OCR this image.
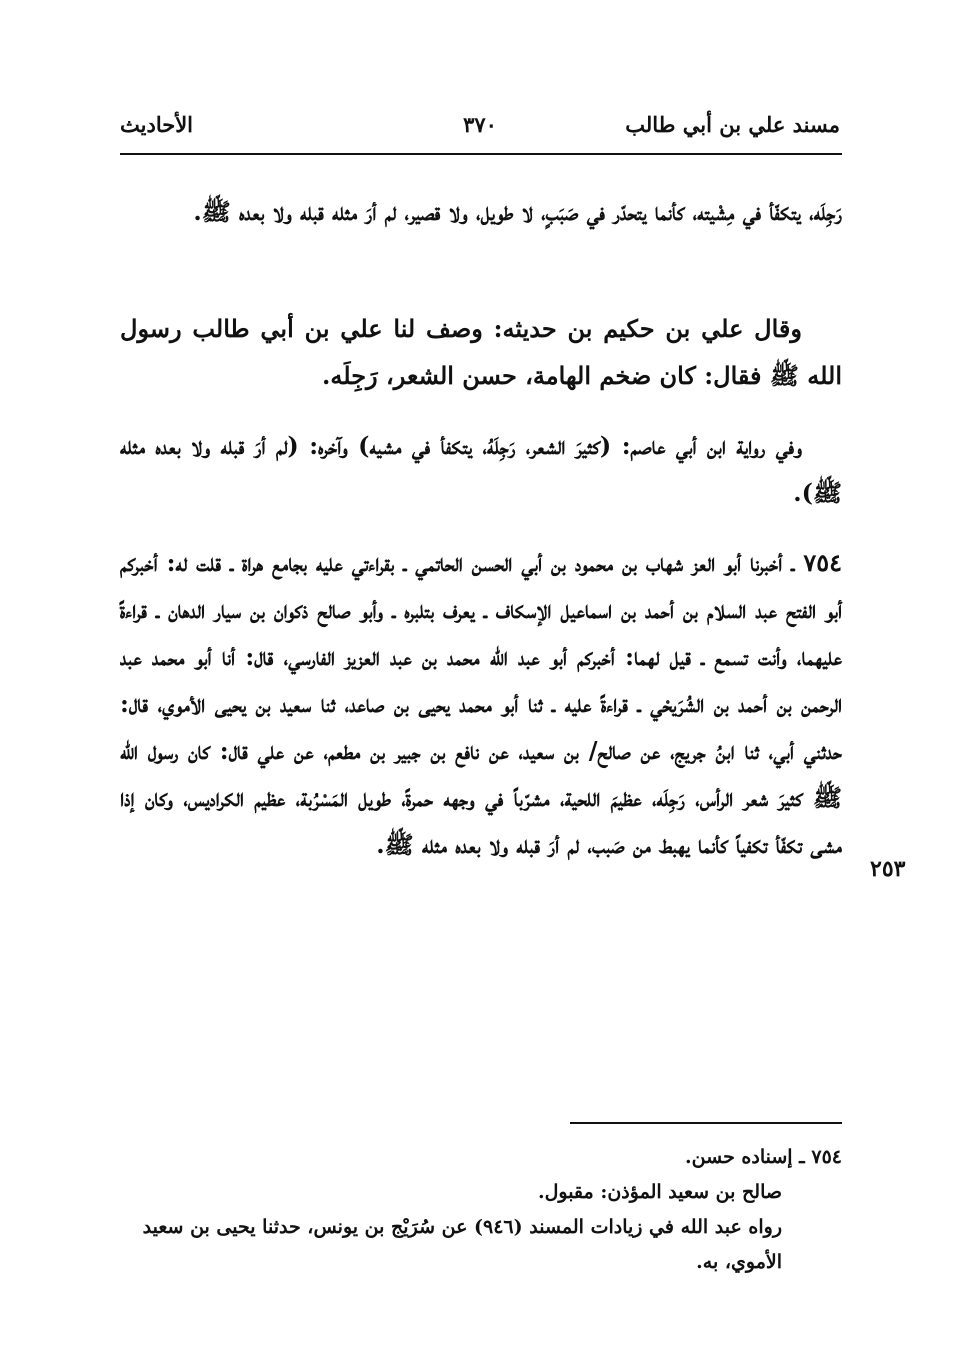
مسند علي بن أبي طالب
٣٧٠
الأحاديث

رَجِلَه، يتكفّأ في مِشْيته، كأنما يتحدّر في صَبَبٍ، لا طويل، ولا قصير، لم أرَ مثله قبله ولا بعده ﷺ.

وقال علي بن حكيم بن حديثه: وصف لنا علي بن أبي طالب رسول الله ﷺ فقال: كان ضخم الهامة، حسن الشعر، رَجِلَه.

وفي رواية ابن أبي عاصم: (كثيرَ الشعر، رَجِلَهُ، يتكفأ في مشيه) وآخره: (لم أرَ قبله ولا بعده مثله ﷺ).

٧٥٤ ـ أخبرنا أبو العز شهاب بن محمود بن أبي الحسن الحاتمي ـ بقراءتي عليه بجامع هراة ـ قلت له: أخبركم أبو الفتح عبد السلام بن أحمد بن اسماعيل الإسكاف ـ يعرف بتلبره ـ وأبو صالح ذكوان بن سيار الدهان ـ قراءةً عليهما، وأنت تسمع ـ قيل لهما: أخبركم أبو عبد الله محمد بن عبد العزيز الفارسي، قال: أنا أبو محمد عبد الرحمن بن أحمد بن الشُرَيحْي ـ قراءةً عليه ـ ثنا أبو محمد يحيى بن صاعد، ثنا سعيد بن يحيى الأموي، قال: حدثني أبي، ثنا ابنُ جريج، عن صالح/ بن سعيد، عن نافع بن جبير بن مطعم، عن علي قال: كان رسول الله ﷺ كثيرَ شعر الرأس، رَجِلَه، عظيمَ اللحية، مشرّباً في وجهه حمرةً، طويل المَسْرُبة، عظيم الكراديس، وكان إذا مشى تكفّأ تكفياً كأنما يهبط من صَبب، لم أرَ قبله ولا بعده مثله ﷺ.

٢٥٣

٧٥٤ ـ إسناده حسن.

صالح بن سعيد المؤذن: مقبول.

رواه عبد الله في زيادات المسند (٩٤٦) عن سُرَيْج بن يونس، حدثنا يحيى بن سعيد الأموي، به.
